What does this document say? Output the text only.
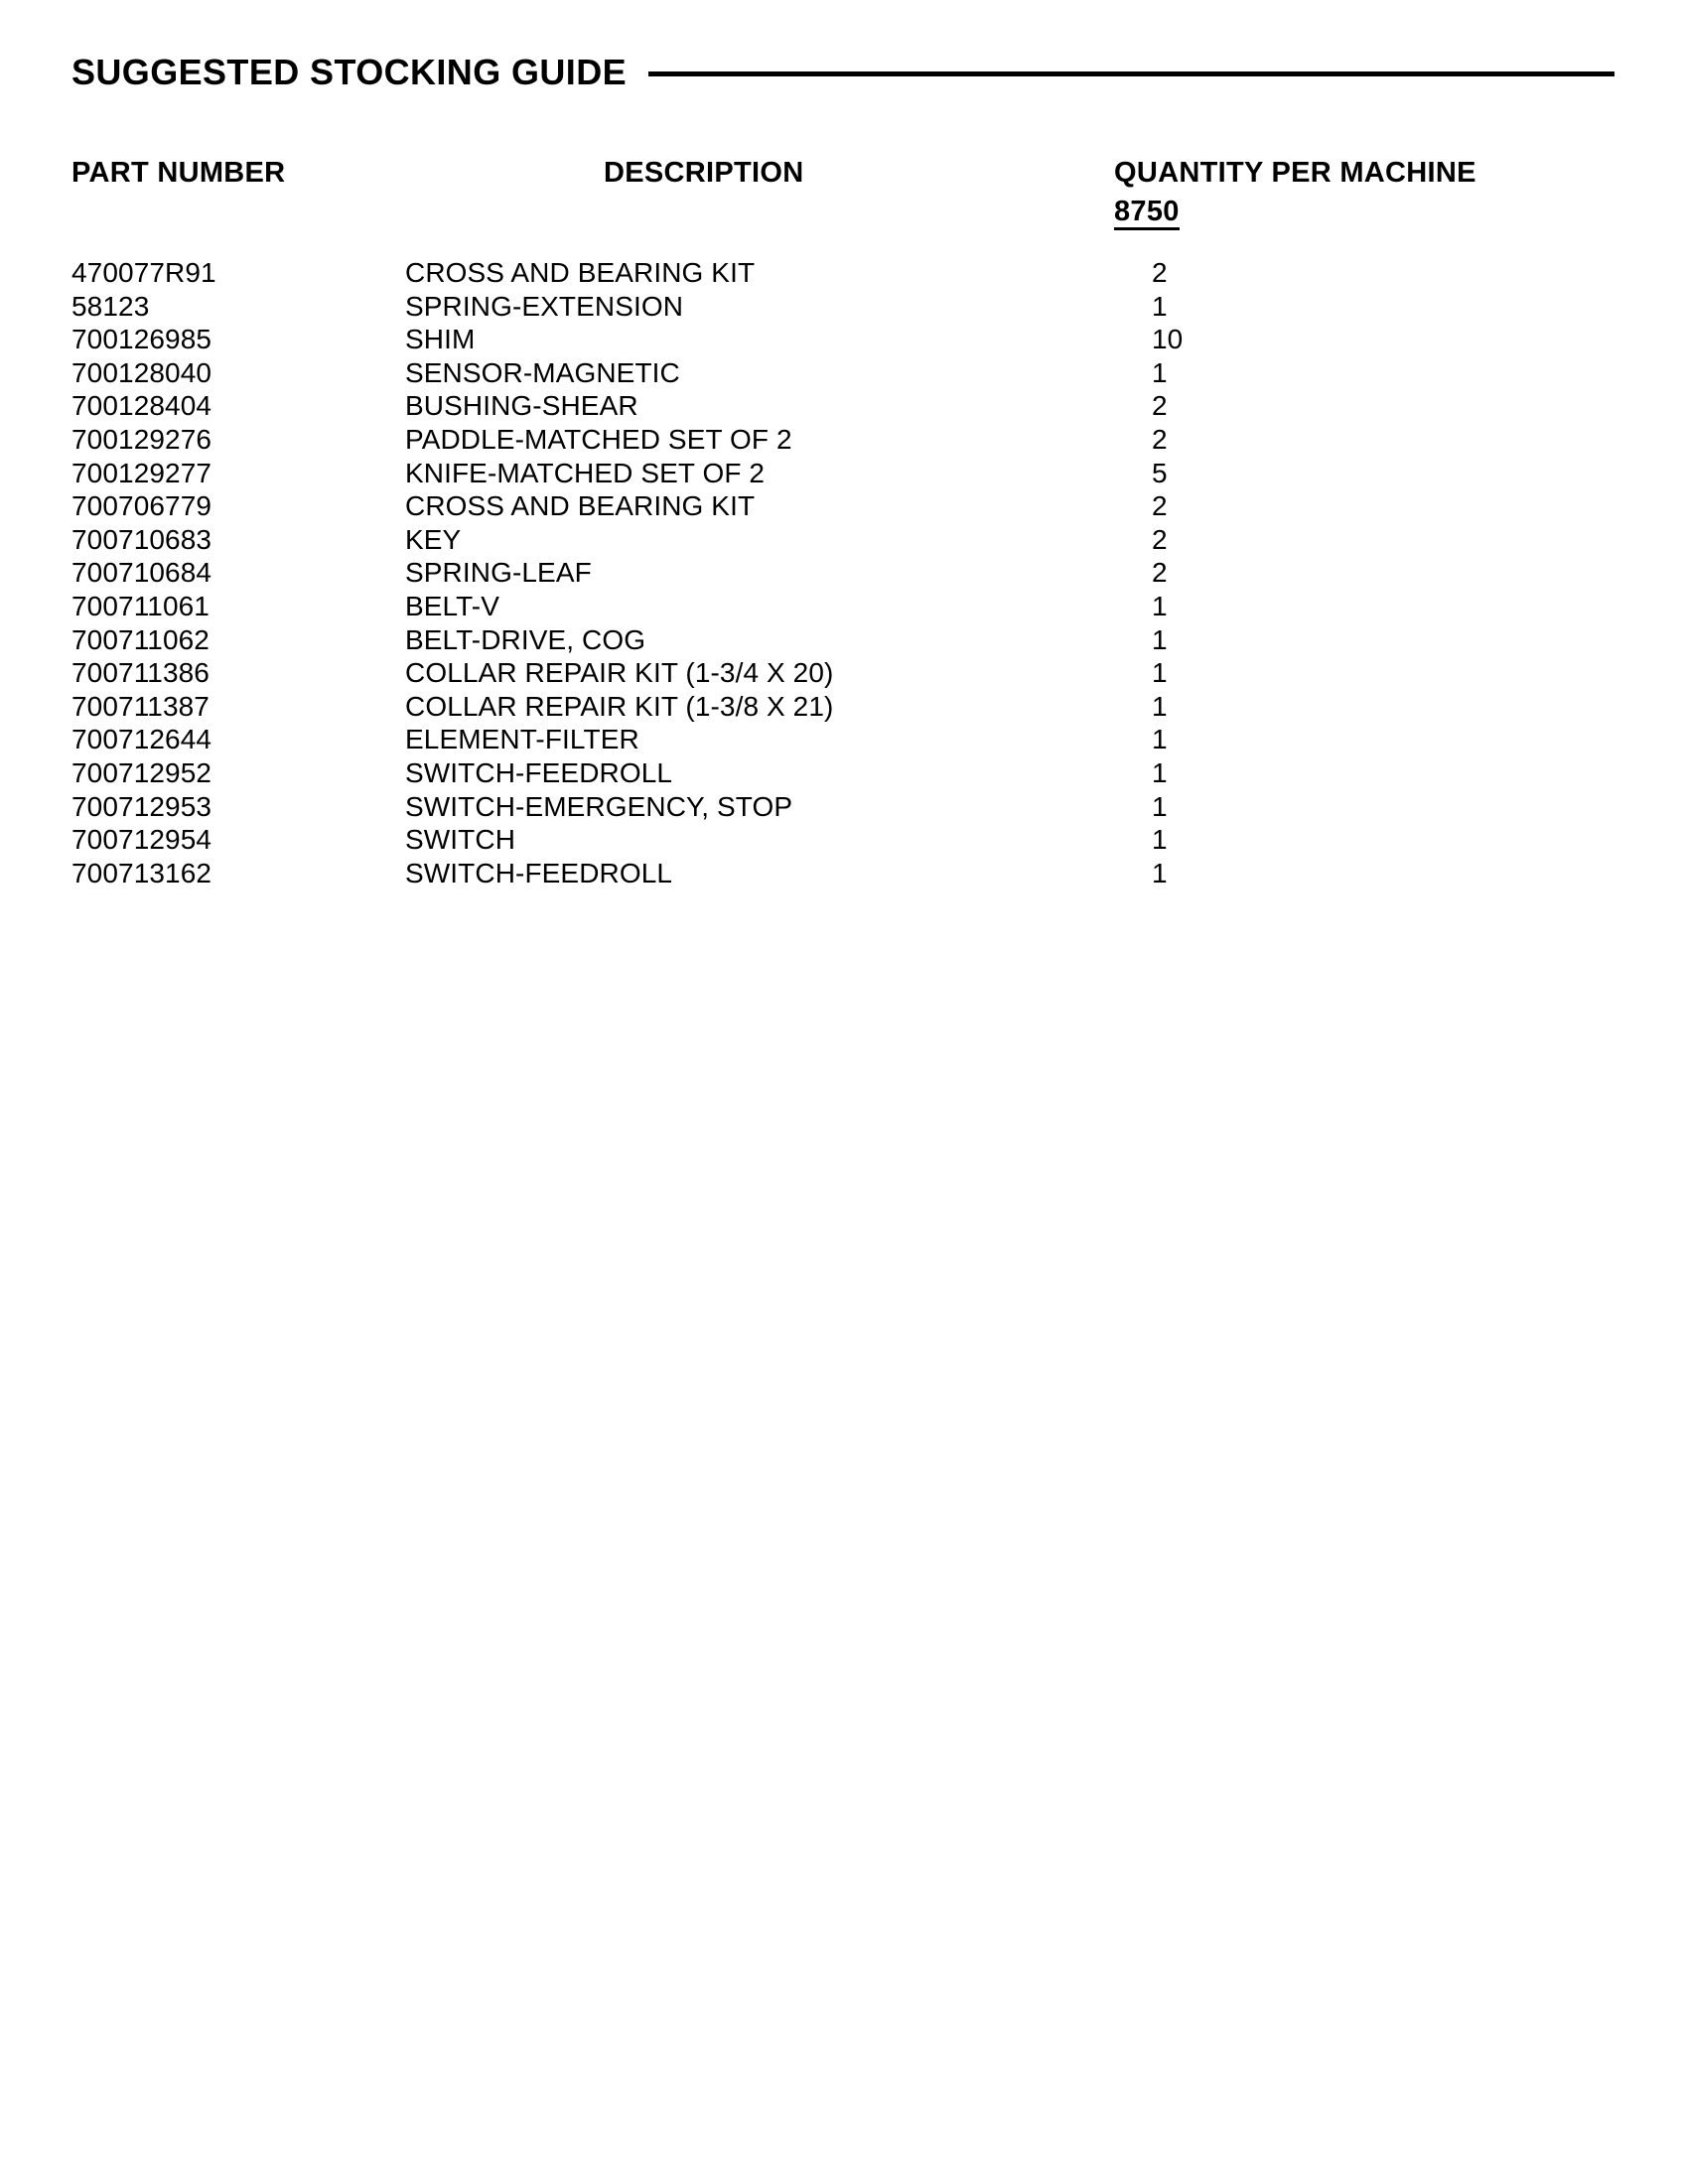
SUGGESTED STOCKING GUIDE
PART NUMBER	DESCRIPTION	QUANTITY PER MACHINE
8750
470077R91	CROSS AND BEARING KIT	2
58123	SPRING-EXTENSION	1
700126985	SHIM	10
700128040	SENSOR-MAGNETIC	1
700128404	BUSHING-SHEAR	2
700129276	PADDLE-MATCHED SET OF 2	2
700129277	KNIFE-MATCHED SET OF 2	5
700706779	CROSS AND BEARING KIT	2
700710683	KEY	2
700710684	SPRING-LEAF	2
700711061	BELT-V	1
700711062	BELT-DRIVE, COG	1
700711386	COLLAR REPAIR KIT (1-3/4 X 20)	1
700711387	COLLAR REPAIR KIT (1-3/8 X 21)	1
700712644	ELEMENT-FILTER	1
700712952	SWITCH-FEEDROLL	1
700712953	SWITCH-EMERGENCY, STOP	1
700712954	SWITCH	1
700713162	SWITCH-FEEDROLL	1
